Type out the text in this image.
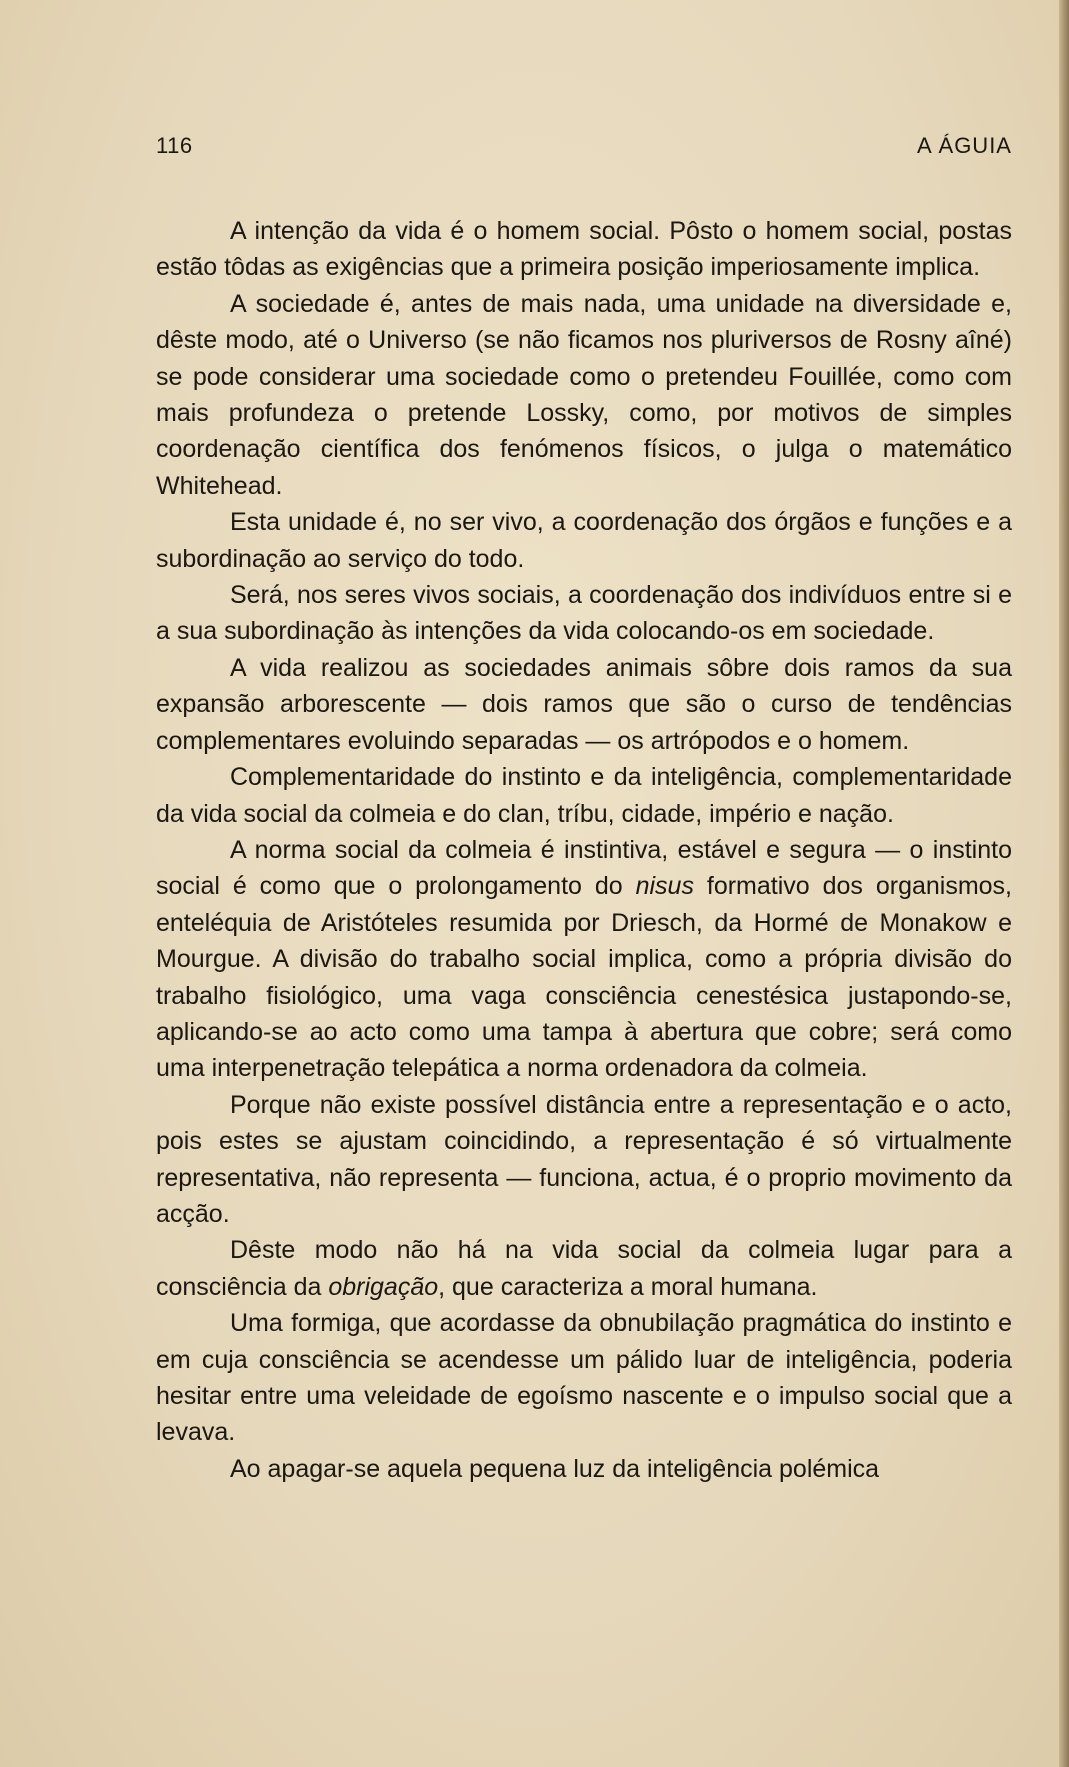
116	A ÁGUIA

A intenção da vida é o homem social. Pôsto o homem social, postas estão tôdas as exigências que a primeira posição imperiosamente implica.

A sociedade é, antes de mais nada, uma unidade na diversidade e, dêste modo, até o Universo (se não ficamos nos pluriversos de Rosny aîné) se pode considerar uma sociedade como o pretendeu Fouillée, como com mais profundeza o pretende Lossky, como, por motivos de simples coordenação científica dos fenómenos físicos, o julga o matemático Whitehead.

Esta unidade é, no ser vivo, a coordenação dos órgãos e funções e a subordinação ao serviço do todo.

Será, nos seres vivos sociais, a coordenação dos indivíduos entre si e a sua subordinação às intenções da vida colocando-os em sociedade.

A vida realizou as sociedades animais sôbre dois ramos da sua expansão arborescente — dois ramos que são o curso de tendências complementares evoluindo separadas — os artrópodos e o homem.

Complementaridade do instinto e da inteligência, complementaridade da vida social da colmeia e do clan, tríbu, cidade, império e nação.

A norma social da colmeia é instintiva, estável e segura — o instinto social é como que o prolongamento do nisus formativo dos organismos, enteléquia de Aristóteles resumida por Driesch, da Hormé de Monakow e Mourgue. A divisão do trabalho social implica, como a própria divisão do trabalho fisiológico, uma vaga consciência cenestésica justapondo-se, aplicando-se ao acto como uma tampa à abertura que cobre; será como uma interpenetração telepática a norma ordenadora da colmeia.

Porque não existe possível distância entre a representação e o acto, pois estes se ajustam coincidindo, a representação é só virtualmente representativa, não representa — funciona, actua, é o proprio movimento da acção.

Dêste modo não há na vida social da colmeia lugar para a consciência da obrigação, que caracteriza a moral humana.

Uma formiga, que acordasse da obnubilação pragmática do instinto e em cuja consciência se acendesse um pálido luar de inteligência, poderia hesitar entre uma veleidade de egoísmo nascente e o impulso social que a levava.

Ao apagar-se aquela pequena luz da inteligência polémica
